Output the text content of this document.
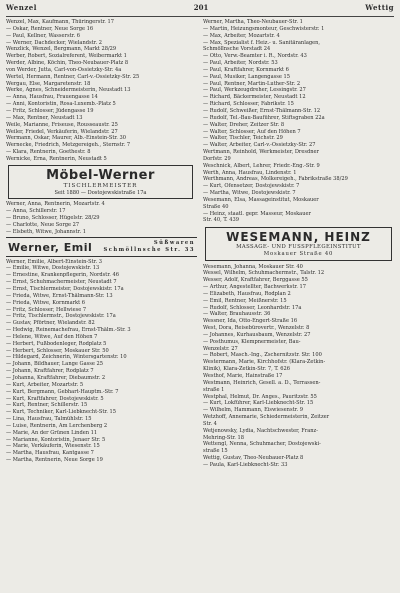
Wenzel	201	Wettig
Wenzel, Max, Kaufmann, Thüringerstr. 17
— Oskar, Rentner, Neue Sorge 16
— Paul, Kellner, Wasserstr. 6
— Werner, Dachdecker, Wielandstr. 2
Wenzlick, Wenzel, Bergmann, Markt 28/29
Werber, Robert, Sozialreferent, Weibermarkt 1
Werder, Albine, Köchin, Theo-Neubauer-Platz 8
von Werder, Jutta, Carl-von-Ossietzky-Str. 4a
Wertel, Hermann, Rentner, Carl-v.-Ossietzky-Str. 25
Wergau, Else, Margaretenstr. 18
Werke, Agnes, Schneidermeisterin, Neustadt 13
— Anna, Hausfrau, Frauengasse 14
— Anni, Kontoristin, Rosa-Luxemb.-Platz 5
— Fritz, Schlosser, Jüdengasse 19
— Max, Rentner, Neustadt 13
Weile, Marianne, Friseuse, Rousseaustr. 25
Weiler, Friedel, Verkäuferin, Wielandstr. 27
Wermann, Oskar, Maurer, Alb.-Einstein-Str. 30
Wernecke, Friedrich, Metzgereigeh., Sternstr. 7
— Klara, Rentnerin, Goethestr. 8
Wernicke, Erna, Rentnerin, Neustadt 5
Möbel-Werner
TISCHLERMEISTER
Seit 1880 — Dostojewskistraße 17a
Werner, Anna, Rentnerin, Mozartstr. 4
— Anna, Schillerstr. 17
— Bruno, Schlosser, Hügelstr. 28/29
— Charlotte, Neue Sorge 27
— Elsbeth, Witwe, Johannstr. 1
Werner, Emil	Süßwaren
Schmöllnsche Str. 33
Werner, Emilie, Albert-Einstein-Str. 3
— Emilie, Witwe, Dostojewskistr. 13
— Ernestine, Krankenpflegerin, Nordstr. 46
— Ernst, Schuhmachermeister, Neustadt 7
— Ernst, Tischlermeister, Dostojewskistr. 17a
— Frieda, Witwe, Ernst-Thälmann-Str. 13
— Frieda, Witwe, Kornmarkt 6
— Fritz, Schlosser, Hellwiese 7
— Fritz, Tischlermstr., Dostojewskistr. 17a
— Gustav, Pförtner, Wielandstr. 82
— Hedwig, Reinemachefrau, Ernst-Thälm.-Str. 3
— Helene, Witwe, Auf den Höhen 7
— Herbert, Fußbodenleger, Rodplatz 5
— Herbert, Schlosser, Moskauer Str. 50
— Hildegard, Zeichnerin, Wintersgartenstr. 10
— Johann, Bildhauer, Lange Gasse 25
— Johann, Kraftfahrer, Rodplatz 7
— Johanna, Kraftfahrer, Diebaumstr. 2
— Kurt, Arbeiter, Mozartstr. 5
— Kurt, Bergmann, Gebhart-Hauptm.-Str. 7
— Kurt, Kraftfahrer, Dostojewskistr. 5
— Kurt, Rentner, Schillerstr. 15
— Kurt, Techniker, Karl-Liebknecht-Str. 15
— Lina, Hausfrau, Talmühlstr. 15
— Luise, Rentnerin, Am Lerchenberg 2
— Marie, An der Grünen Linden 11
— Marianne, Kontoristin, Jenaer Str. 5
— Marie, Verkäuferin, Wiesenstr. 15
— Martha, Hausfrau, Kantgasse 7
— Martha, Rentnerin, Neue Sorge 19
Werner, Martha, Theo-Neubauer-Str. 1
— Martin, Heizungsmonteur, Geschwisterstr. 1
— Max, Arbeiter, Mozartstr. 4
— Max, Spezialist f. Heiz.- u. Sanitäranlagen,
Schmöllnsche Vorstadt 24
— Otto, Verw.-Beamter i. R., Nordstr. 43
— Paul, Arbeiter, Nordstr. 53
— Paul, Kraftfahrer, Kornmarkt 6
— Paul, Musiker, Langengasse 15
— Paul, Rentner, Martin-Luther-Str. 2
— Paul, Werkzeugdreher, Lessingstr. 27
— Richard, Bäckermeister, Neustadt 12
— Richard, Schlosser, Fabrikstr. 15
— Rudolf, Schweißer, Ernst-Thälmann-Str. 12
— Rudolf, Tel.-Bau-Bauführer, Stiftsgraben 22a
— Walter, Dreher, Zeitzer Str. 8
— Walter, Schlosser, Auf den Höhen 7
— Walter, Tischler, Teichstr. 29
— Walter, Arbeiter, Carl-v.-Ossietzky-Str. 27
Wertmann, Reinhold, Werkmeister, Dresdner
Dorfstr. 29
Weschnick, Albert, Lehrer, Friedr.-Eng.-Str. 9
Werth, Anna, Hausfrau, Lindenstr. 1
Werthmann, Andreas, Molkereigeh., Fabrikstraße 38/29
— Kurt, Ofensetzer, Dostojewskistr. 7
— Martha, Witwe, Dostojewskistr. 7
Wesemann, Elsa, Massageinstitut, Moskauer
Straße 40
— Heinz, staatl. gepr. Masseur, Moskauer
Str. 40, T. 439
WESEMANN, HEINZ
MASSAGE- UND FUSSPFLEGEINSTITUT
Moskauer Straße 40
Wesemann, Johanna, Moskauer Str. 40
Wessel, Wilhelm, Schuhmachermstr., Talstr. 12
Wesser, Adolf, Kraftfahrer, Berggasse 55
— Arthur, Angestellter, Bachwerkstr. 17
— Elizabeth, Hausfrau, Rodplan 2
— Emil, Rentner, Meißnerstr. 15
— Rudolf, Schlosser, Leonhardstr. 17a
— Walter, Brauhausstr. 36
Wessner, Ida, Otto-Engert-Straße 16
West, Dora, Reisebürovertr., Wenzelstr. 8
— Johannes, Kurhausbaum, Wenzelstr. 27
— Posthumus, Klempnermeister, Bau-
Wenzelstr. 27
— Robert, Masch.-Ing., Zschernitzstr. Str. 100
Westermann, Marie, Kirchhofstr. (Klara-Zetkin-
Klinik), Klara-Zetkin-Str. 7, T. 626
Westhof, Marie, Hainstraße 17
Westmann, Heinrich, Gesell. a. D., Terrassen-
straße 1
Westphal, Helmut, Dr. Anges., Pauritzstr. 55
— Kurt, Lokführer, Karl-Liebknecht-Str. 15
— Wilhelm, Hammann, Eiswiesenstr. 9
Wetzhoff, Annemarie, Schiedermeisterin, Zeitzer
Str. 4
Wetjenowsky, Lydia, Nachtschwester, Franz-
Mehring-Str. 18
Wettengl, Nenna, Schuhmacher, Dostojewski-
straße 15
Wettig, Gustav, Theo-Neubauer-Platz 8
— Paula, Karl-Liebknecht-Str. 33
